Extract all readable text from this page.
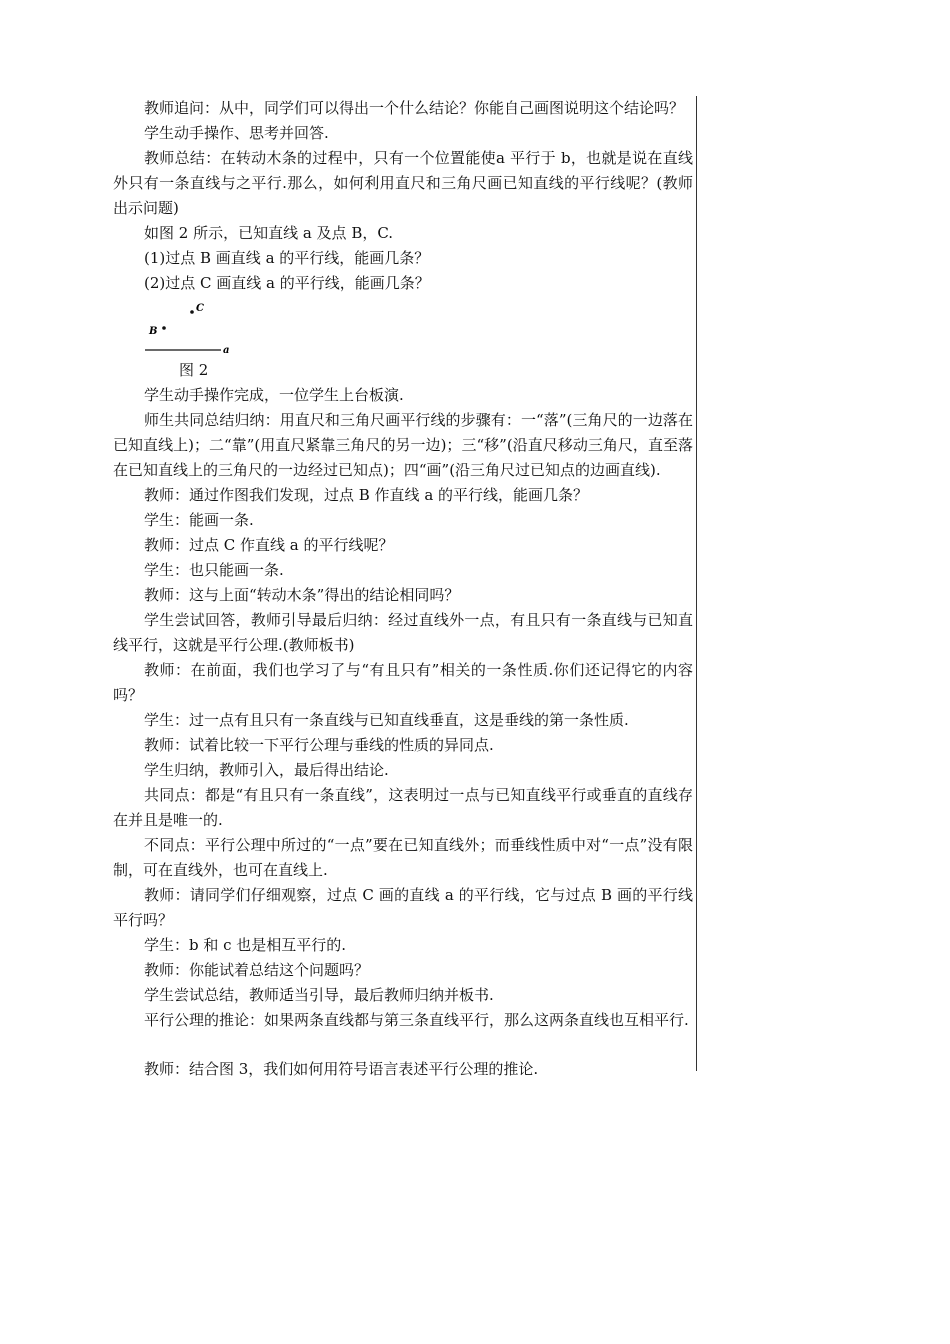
教师追问：从中，同学们可以得出一个什么结论？你能自己画图说明这个结论吗？

学生动手操作、思考并回答.

教师总结：在转动木条的过程中，只有一个位置能使a 平行于 b，也就是说在直线外只有一条直线与之平行.那么，如何利用直尺和三角尺画已知直线的平行线呢？(教师出示问题)

如图 2 所示，已知直线 a 及点 B，C.

(1)过点 B 画直线 a 的平行线，能画几条？

(2)过点 C 画直线 a 的平行线，能画几条？

C
B
a

图 2

学生动手操作完成，一位学生上台板演.

师生共同总结归纳：用直尺和三角尺画平行线的步骤有：一“落”(三角尺的一边落在已知直线上)；二“靠”(用直尺紧靠三角尺的另一边)；三“移”(沿直尺移动三角尺，直至落在已知直线上的三角尺的一边经过已知点)；四“画”(沿三角尺过已知点的边画直线).

教师：通过作图我们发现，过点 B 作直线 a 的平行线，能画几条？

学生：能画一条.

教师：过点 C 作直线 a 的平行线呢？

学生：也只能画一条.

教师：这与上面“转动木条”得出的结论相同吗？

学生尝试回答，教师引导最后归纳：经过直线外一点，有且只有一条直线与已知直线平行，这就是平行公理.(教师板书)

教师：在前面，我们也学习了与“有且只有”相关的一条性质.你们还记得它的内容吗？

学生：过一点有且只有一条直线与已知直线垂直，这是垂线的第一条性质.

教师：试着比较一下平行公理与垂线的性质的异同点.

学生归纳，教师引入，最后得出结论.

共同点：都是“有且只有一条直线”，这表明过一点与已知直线平行或垂直的直线存在并且是唯一的.

不同点：平行公理中所过的“一点”要在已知直线外；而垂线性质中对“一点”没有限制，可在直线外，也可在直线上.

教师：请同学们仔细观察，过点 C 画的直线 a 的平行线，它与过点 B 画的平行线平行吗？

学生：b 和 c 也是相互平行的.

教师：你能试着总结这个问题吗？

学生尝试总结，教师适当引导，最后教师归纳并板书.

平行公理的推论：如果两条直线都与第三条直线平行，那么这两条直线也互相平行.

教师：结合图 3，我们如何用符号语言表述平行公理的推论.
